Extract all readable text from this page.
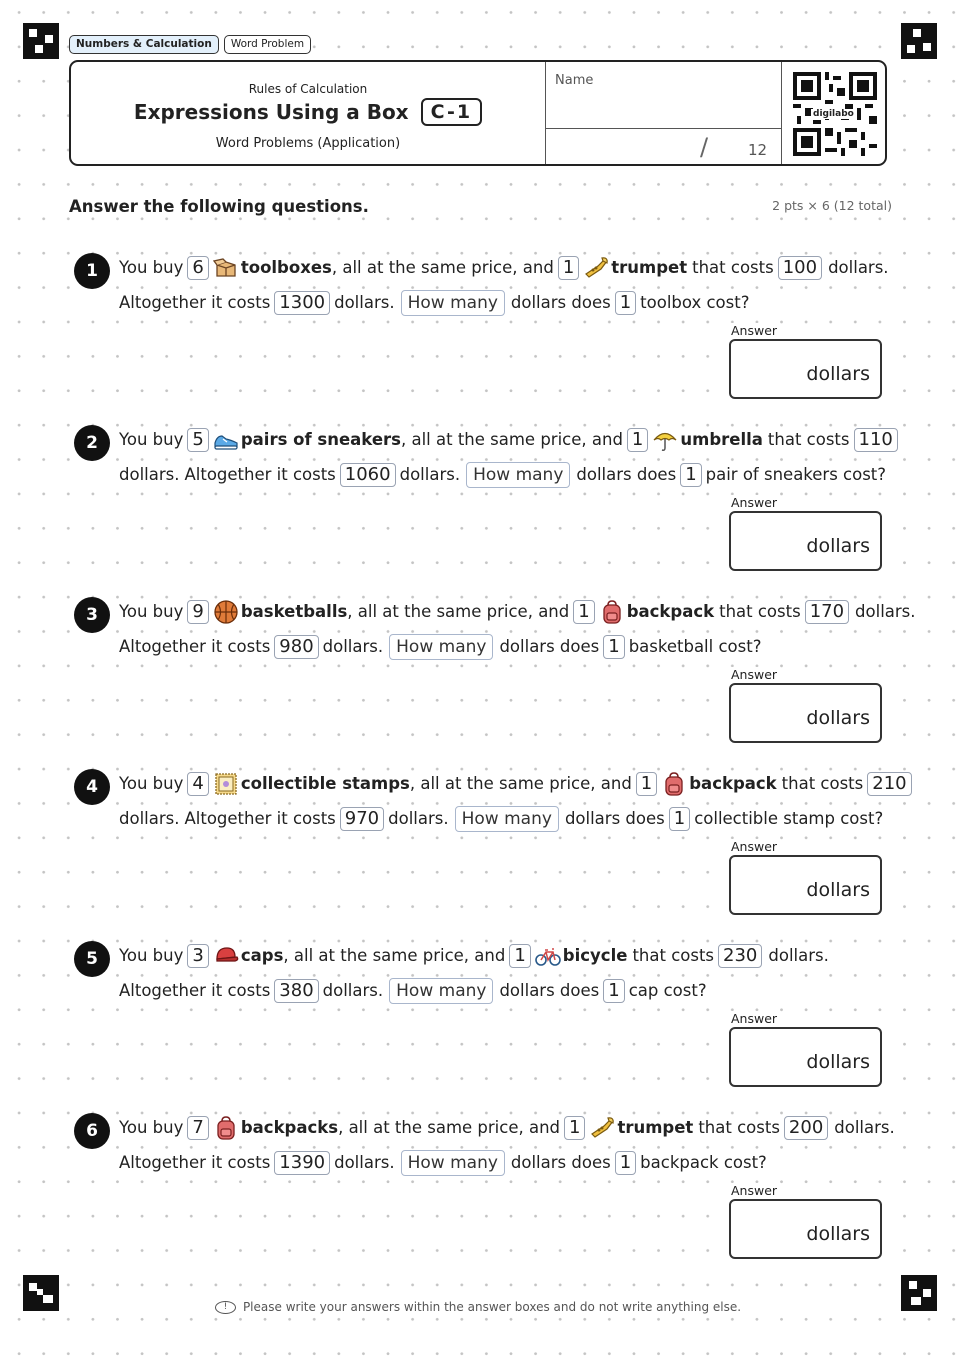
Numbers & Calculation	Word Problem
Rules of Calculation
Expressions Using a Box	C-1
Word Problems (Application)
Name
/	12
digilabo
Answer the following questions.	2 pts × 6 (12 total)
1	You buy 6	toolboxes , all at the same price, and 1	trumpet that costs 100 dollars.
Altogether it costs 1300 dollars. How many dollars does 1 toolbox cost?
Answer
dollars
2	You buy 5	pairs of sneakers , all at the same price, and 1	umbrella that costs 110
dollars. Altogether it costs 1060 dollars. How many dollars does 1 pair of sneakers cost?
Answer
dollars
3	You buy 9	basketballs , all at the same price, and 1	backpack that costs 170 dollars.
Altogether it costs 980 dollars. How many dollars does 1 basketball cost?
Answer
dollars
4	You buy 4	collectible stamps , all at the same price, and 1	backpack that costs 210
dollars. Altogether it costs 970 dollars. How many dollars does 1 collectible stamp cost?
Answer
dollars
5	You buy 3	caps , all at the same price, and 1	bicycle that costs 230 dollars.
Altogether it costs 380 dollars. How many dollars does 1 cap cost?
Answer
dollars
6	You buy 7	backpacks , all at the same price, and 1	trumpet that costs 200 dollars.
Altogether it costs 1390 dollars. How many dollars does 1 backpack cost?
Answer
dollars
! Please write your answers within the answer boxes and do not write anything else.
